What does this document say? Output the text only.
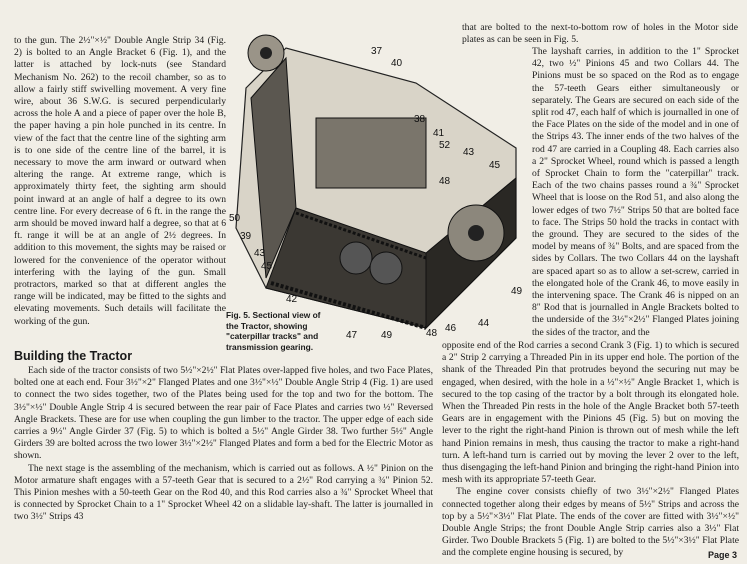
to the gun. The 2½"×½" Double Angle Strip 34 (Fig. 2) is bolted to an Angle Bracket 6 (Fig. 1), and the latter is attached by lock-nuts (see Standard Mechanism No. 262) to the recoil chamber, so as to allow a fairly stiff swivelling movement. A very fine wire, about 36 S.W.G. is secured perpendicularly across the hole A and a piece of paper over the hole B, the paper having a pin hole punched in its centre. In view of the fact that the centre line of the sighting arm is to one side of the centre line of the barrel, it is necessary to move the arm inward or outward when altering the range. At extreme range, which is approximately thirty feet, the sighting arm should point inward at an angle of half a degree to its own centre line. For every decrease of 6 ft. in the range the arm should be moved inward half a degree, so that at 6 ft. range it will be at an angle of 2½ degrees. In addition to this movement, the sights may be raised or lowered for the convenience of the operator without interfering with the laying of the gun. Small protractors, marked so that at different angles the range will be indicated, may be fitted to the sights and elevating movements. Such details will facilitate the working of the gun.

that are bolted to the next-to-bottom row of holes in the Motor side plates as can be seen in Fig. 5.

The layshaft carries, in addition to the 1" Sprocket 42, two ½" Pinions 45 and two Collars 44. The Pinions must be so spaced on the Rod as to engage the 57-teeth Gears either simultaneously or separately. The Gears are secured on each side of the split rod 47, each half of which is journalled in one of the Face Plates on the side of the model and in one of the Strips 43. The inner ends of the two halves of the rod 47 are carried in a Coupling 48. Each carries also a 2" Sprocket Wheel, round which is passed a length of Sprocket Chain to form the "caterpillar" track. Each of the two chains passes round a ¾" Sprocket Wheel that is loose on the Rod 51, and also along the lower edges of two 7½" Strips 50 that are bolted face to face. The Strips 50 hold the tracks in contact with the ground. They are secured to the sides of the model by means of ¾" Bolts, and are spaced from the sides by Collars. The two Collars 44 on the layshaft are spaced apart so as to allow a set-screw, carried in the elongated hole of the Crank 46, to move easily in the intervening space. The Crank 46 is nipped on an 8" Rod that is journalled in Angle Brackets bolted to the underside of the 3½"×2½" Flanged Plates joining the sides of the tractor, and the

37
40
38
41
52
43
45
48
50
39
43
45
42
47 49	48 46 44
49
Fig. 5. Sectional view of the Tractor, showing "caterpillar tracks" and transmission gearing.
Building the Tractor

Each side of the tractor consists of two 5½"×2½" Flat Plates over-lapped five holes, and two Face Plates, bolted one at each end. Four 3½"×2" Flanged Plates and one 3½"×½" Double Angle Strip 4 (Fig. 1) are used to connect the two sides together, two of the Plates being used for the top and two for the bottom. The 3½"×½" Double Angle Strip 4 is secured between the rear pair of Face Plates and carries two ½" Reversed Angle Brackets. These are for use when coupling the gun limber to the tractor. The upper edge of each side carries a 9½" Angle Girder 37 (Fig. 5) to which is bolted a 5½" Angle Girder 38. Two further 5½" Angle Girders 39 are bolted across the two lower 3½"×2½" Flanged Plates and form a bed for the Electric Motor as shown.

The next stage is the assembling of the mechanism, which is carried out as follows. A ½" Pinion on the Motor armature shaft engages with a 57-teeth Gear that is secured to a 2½" Rod carrying a ¾" Pinion 52. This Pinion meshes with a 50-teeth Gear on the Rod 40, and this Rod carries also a ¾" Sprocket Wheel that is connected by Sprocket Chain to a 1" Sprocket Wheel 42 on a slidable lay-shaft. The latter is journalled in two 3½" Strips 43

opposite end of the Rod carries a second Crank 3 (Fig. 1) to which is secured a 2" Strip 2 carrying a Threaded Pin in its upper end hole. The portion of the shank of the Threaded Pin that protrudes beyond the securing nut may be engaged, when desired, with the hole in a ½"×½" Angle Bracket 1, which is secured to the top casing of the tractor by a bolt through its elongated hole. When the Threaded Pin rests in the hole of the Angle Bracket both 57-teeth Gears are in engagement with the Pinions 45 (Fig. 5) but on moving the lever to the right the right-hand Pinion is thrown out of mesh while the left hand Pinion remains in mesh, thus causing the tractor to make a right-hand turn. A left-hand turn is carried out by moving the lever 2 over to the left, thus disengaging the left-hand Pinion and bringing the right-hand Pinion into mesh with its appropriate 57-teeth Gear.

The engine cover consists chiefly of two 3½"×2½" Flanged Plates connected together along their edges by means of 5½" Strips and across the top by a 5½"×3½" Flat Plate. The ends of the cover are fitted with 3½"×½" Double Angle Strips; the front Double Angle Strip carries also a 3½" Flat Girder. Two Double Brackets 5 (Fig. 1) are bolted to the 5½"×3½" Flat Plate and the complete engine housing is secured, by	Page 3
